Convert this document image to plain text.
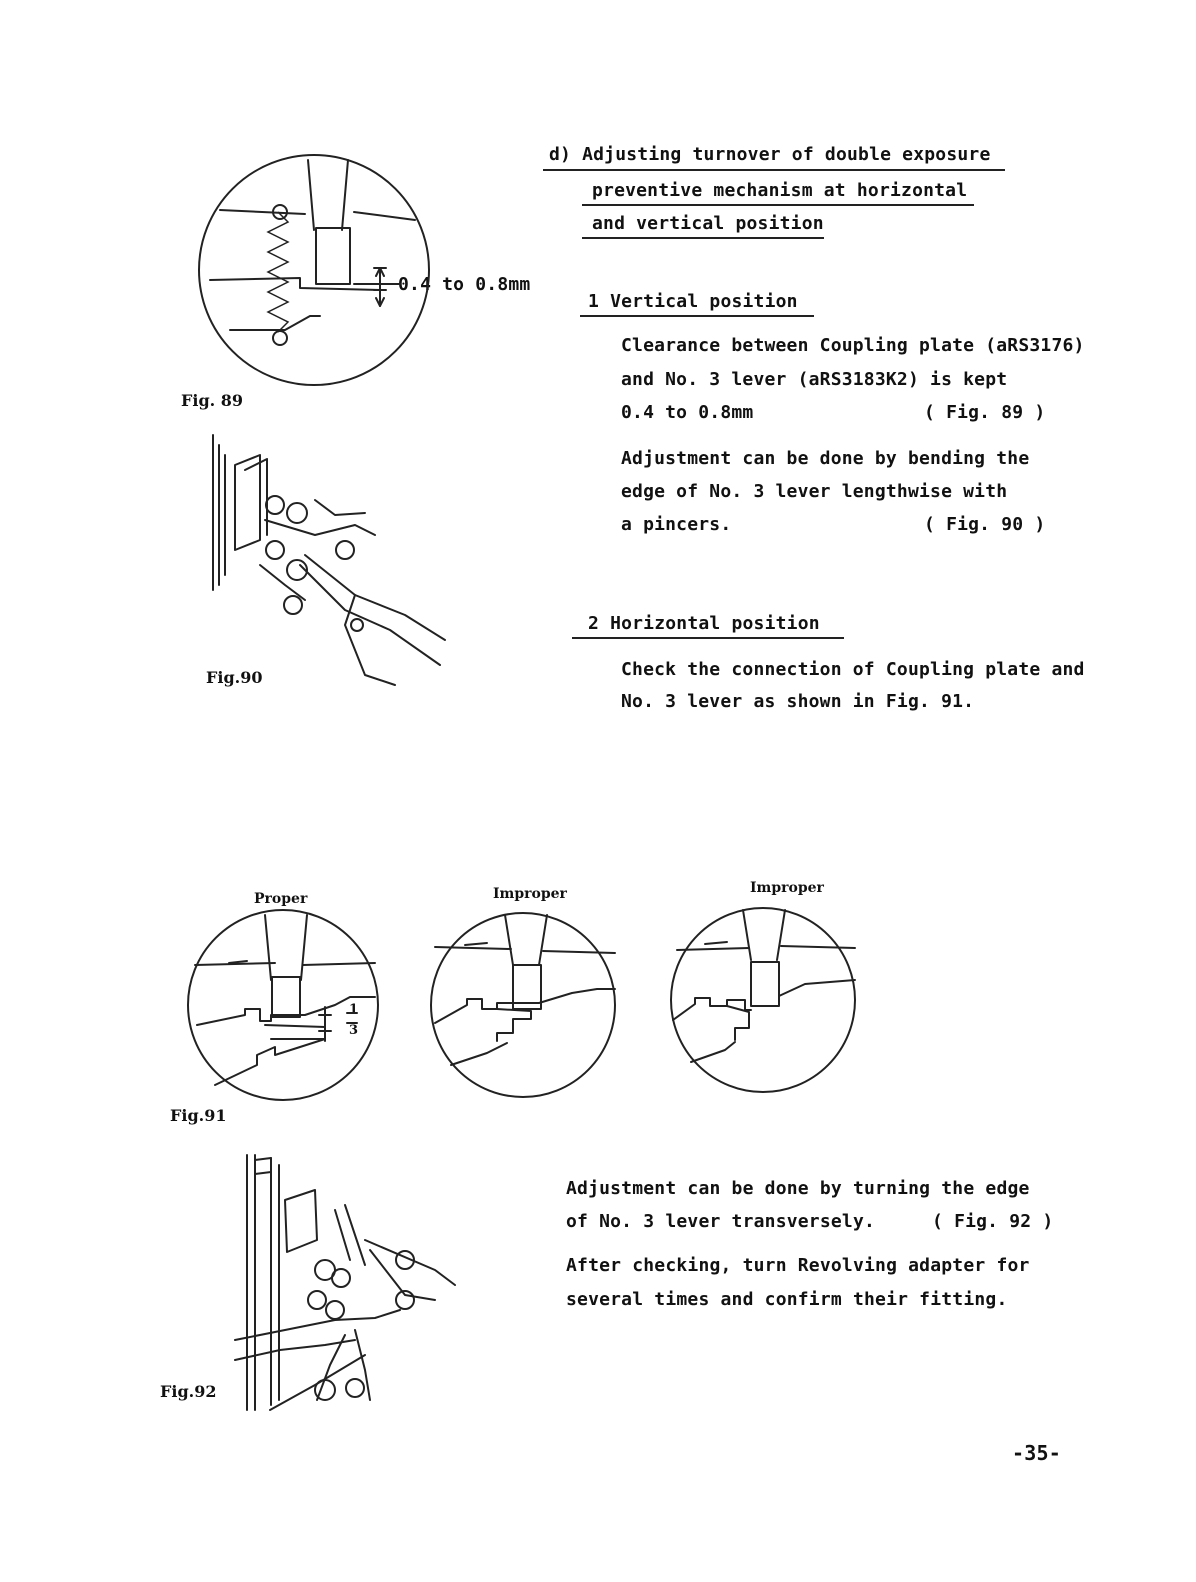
d) Adjusting turnover of double exposure
preventive mechanism at horizontal
and vertical position
1 Vertical position
Clearance between Coupling plate (aRS3176)
and No. 3 lever (aRS3183K2) is kept
0.4 to 0.8mm	( Fig. 89 )
Adjustment can be done by bending the
edge of No. 3 lever lengthwise with
a pincers.	( Fig. 90 )
2 Horizontal position
Check the connection of Coupling plate and
No. 3 lever as shown in Fig. 91.
Adjustment can be done by turning the edge
of No. 3 lever transversely.	( Fig. 92 )
After checking, turn Revolving adapter for
several times and confirm their fitting.
-35-
Fig. 89
Fig.90
Fig.91
Fig.92
0.4 to 0.8mm
Proper	Improper	Improper
1
3
